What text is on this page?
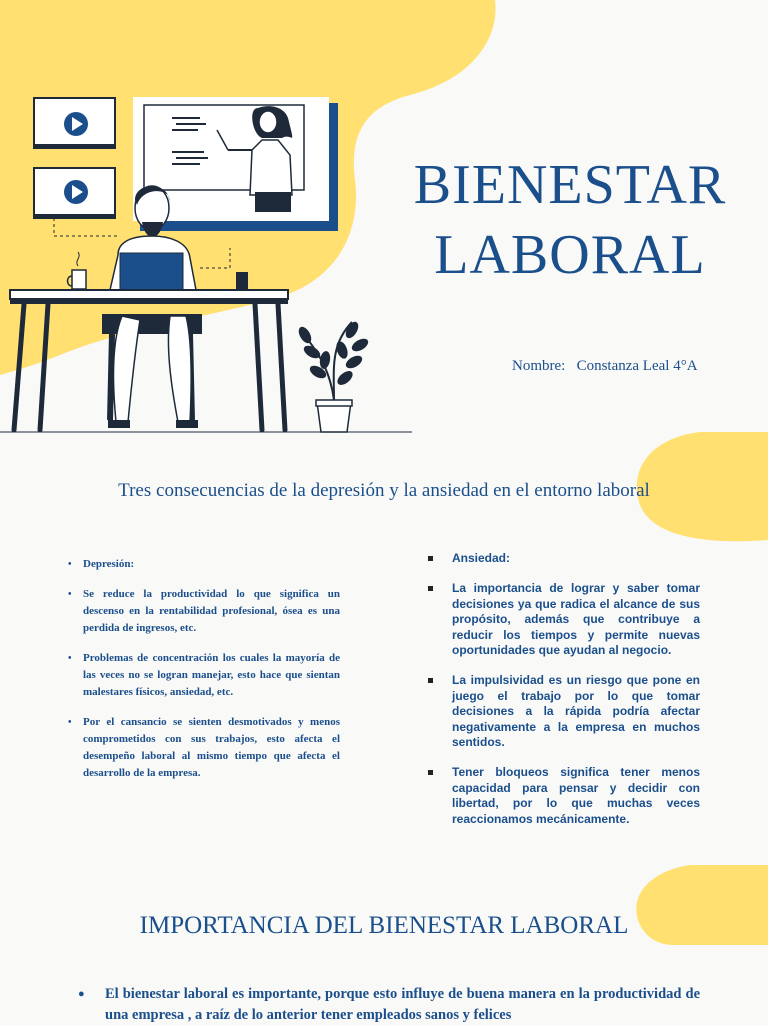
BIENESTAR
LABORAL
Nombre: Constanza Leal 4°A
Tres consecuencias de la depresión y la ansiedad en el entorno laboral
• Depresión:
• Se reduce la productividad lo que significa un descenso en la rentabilidad profesional, ósea es una perdida de ingresos, etc.
• Problemas de concentración los cuales la mayoría de las veces no se logran manejar, esto hace que sientan malestares físicos, ansiedad, etc.
• Por el cansancio se sienten desmotivados y menos comprometidos con sus trabajos, esto afecta el desempeño laboral al mismo tiempo que afecta el desarrollo de la empresa.
Ansiedad:
La importancia de lograr y saber tomar decisiones ya que radica el alcance de sus propósito, además que contribuye a reducir los tiempos y permite nuevas oportunidades que ayudan al negocio.
La impulsividad es un riesgo que pone en juego el trabajo por lo que tomar decisiones a la rápida podría afectar negativamente a la empresa en muchos sentidos.
Tener bloqueos significa tener menos capacidad para pensar y decidir con libertad, por lo que muchas veces reaccionamos mecánicamente.
IMPORTANCIA DEL BIENESTAR LABORAL
● El bienestar laboral es importante, porque esto influye de buena manera en la productividad de una empresa , a raíz de lo anterior tener empleados sanos y felices
